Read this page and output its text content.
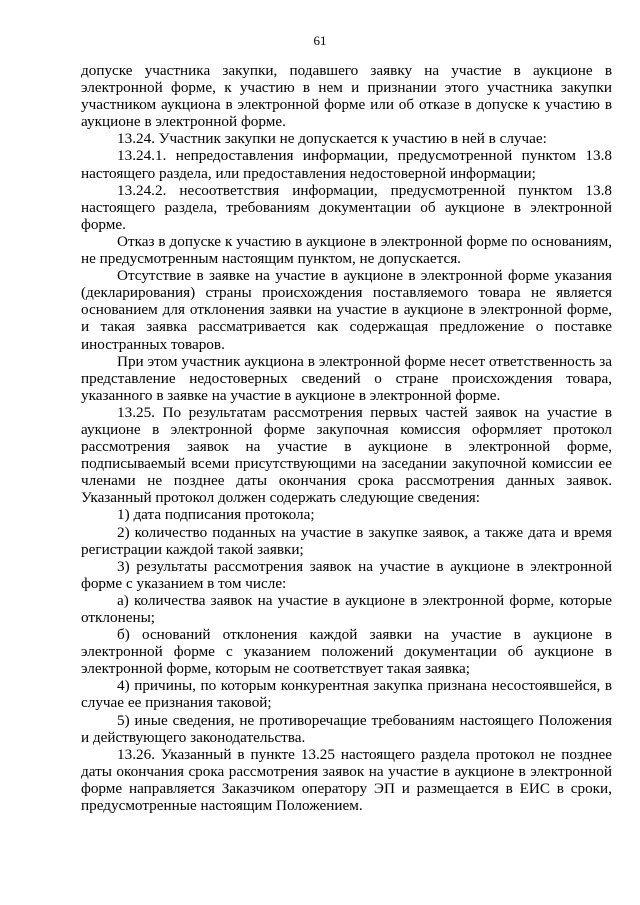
61

допуске участника закупки, подавшего заявку на участие в аукционе в электронной форме, к участию в нем и признании этого участника закупки участником аукциона в электронной форме или об отказе в допуске к участию в аукционе в электронной форме.

13.24. Участник закупки не допускается к участию в ней в случае:

13.24.1. непредоставления информации, предусмотренной пунктом 13.8 настоящего раздела, или предоставления недостоверной информации;

13.24.2. несоответствия информации, предусмотренной пунктом 13.8 настоящего раздела, требованиям документации об аукционе в электронной форме.

Отказ в допуске к участию в аукционе в электронной форме по основаниям, не предусмотренным настоящим пунктом, не допускается.

Отсутствие в заявке на участие в аукционе в электронной форме указания (декларирования) страны происхождения поставляемого товара не является основанием для отклонения заявки на участие в аукционе в электронной форме, и такая заявка рассматривается как содержащая предложение о поставке иностранных товаров.

При этом участник аукциона в электронной форме несет ответственность за представление недостоверных сведений о стране происхождения товара, указанного в заявке на участие в аукционе в электронной форме.

13.25. По результатам рассмотрения первых частей заявок на участие в аукционе в электронной форме закупочная комиссия оформляет протокол рассмотрения заявок на участие в аукционе в электронной форме, подписываемый всеми присутствующими на заседании закупочной комиссии ее членами не позднее даты окончания срока рассмотрения данных заявок. Указанный протокол должен содержать следующие сведения:

1) дата подписания протокола;

2) количество поданных на участие в закупке заявок, а также дата и время регистрации каждой такой заявки;

3) результаты рассмотрения заявок на участие в аукционе в электронной форме с указанием в том числе:

а) количества заявок на участие в аукционе в электронной форме, которые отклонены;

б) оснований отклонения каждой заявки на участие в аукционе в электронной форме с указанием положений документации об аукционе в электронной форме, которым не соответствует такая заявка;

4) причины, по которым конкурентная закупка признана несостоявшейся, в случае ее признания таковой;

5) иные сведения, не противоречащие требованиям настоящего Положения и действующего законодательства.

13.26. Указанный в пункте 13.25 настоящего раздела протокол не позднее даты окончания срока рассмотрения заявок на участие в аукционе в электронной форме направляется Заказчиком оператору ЭП и размещается в ЕИС в сроки, предусмотренные настоящим Положением.
